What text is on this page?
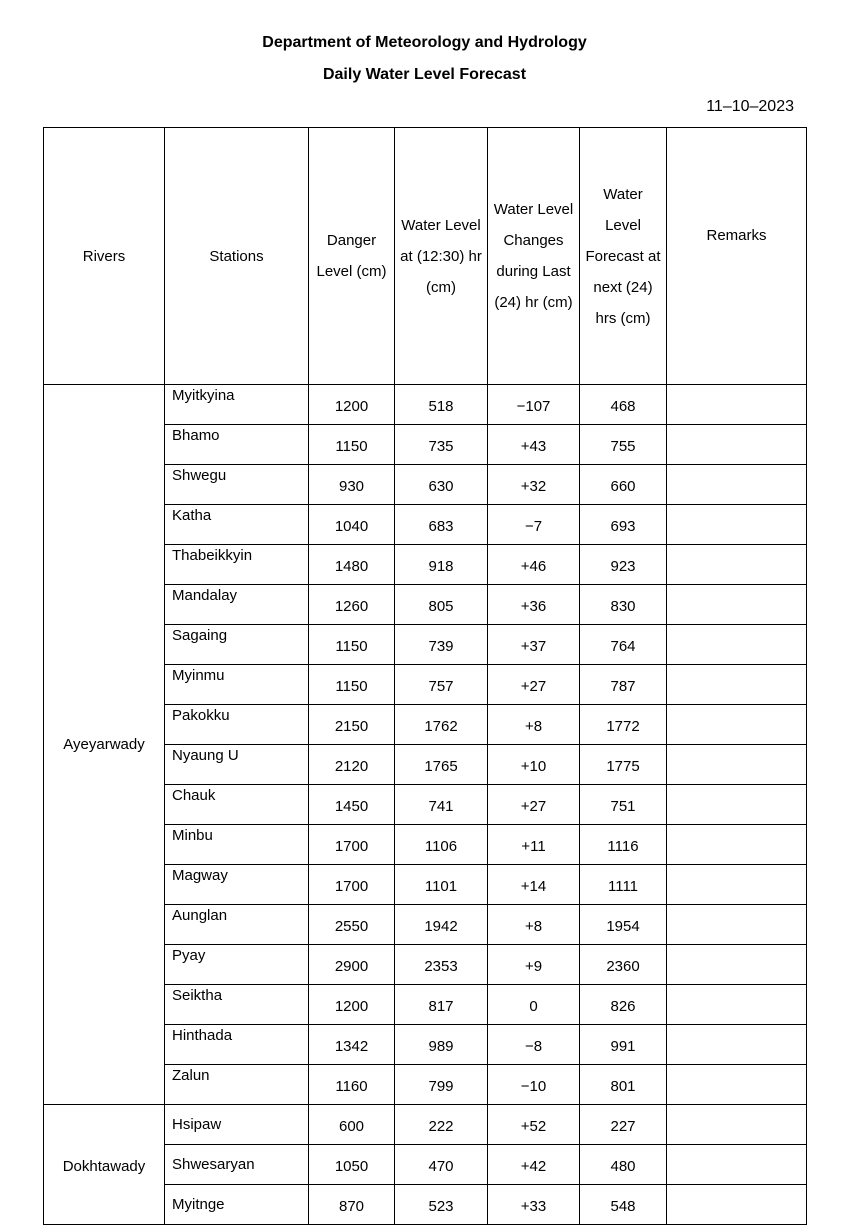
Department of Meteorology and Hydrology
Daily Water Level Forecast
11–10–2023
Rivers	Stations	Danger Level (cm)	Water Level at (12:30) hr (cm)	Water Level Changes during Last (24) hr (cm)	Water Level Forecast at next (24) hrs (cm)	Remarks
Ayeyarwady	Myitkyina	1200	518	−107	468	
	Bhamo	1150	735	+43	755	
	Shwegu	930	630	+32	660	
	Katha	1040	683	−7	693	
	Thabeikkyin	1480	918	+46	923	
	Mandalay	1260	805	+36	830	
	Sagaing	1150	739	+37	764	
	Myinmu	1150	757	+27	787	
	Pakokku	2150	1762	+8	1772	
	Nyaung U	2120	1765	+10	1775	
	Chauk	1450	741	+27	751	
	Minbu	1700	1106	+11	1116	
	Magway	1700	1101	+14	1111	
	Aunglan	2550	1942	+8	1954	
	Pyay	2900	2353	+9	2360	
	Seiktha	1200	817	0	826	
	Hinthada	1342	989	−8	991	
	Zalun	1160	799	−10	801	
Dokhtawady	Hsipaw	600	222	+52	227	
	Shwesaryan	1050	470	+42	480	
	Myitnge	870	523	+33	548	
